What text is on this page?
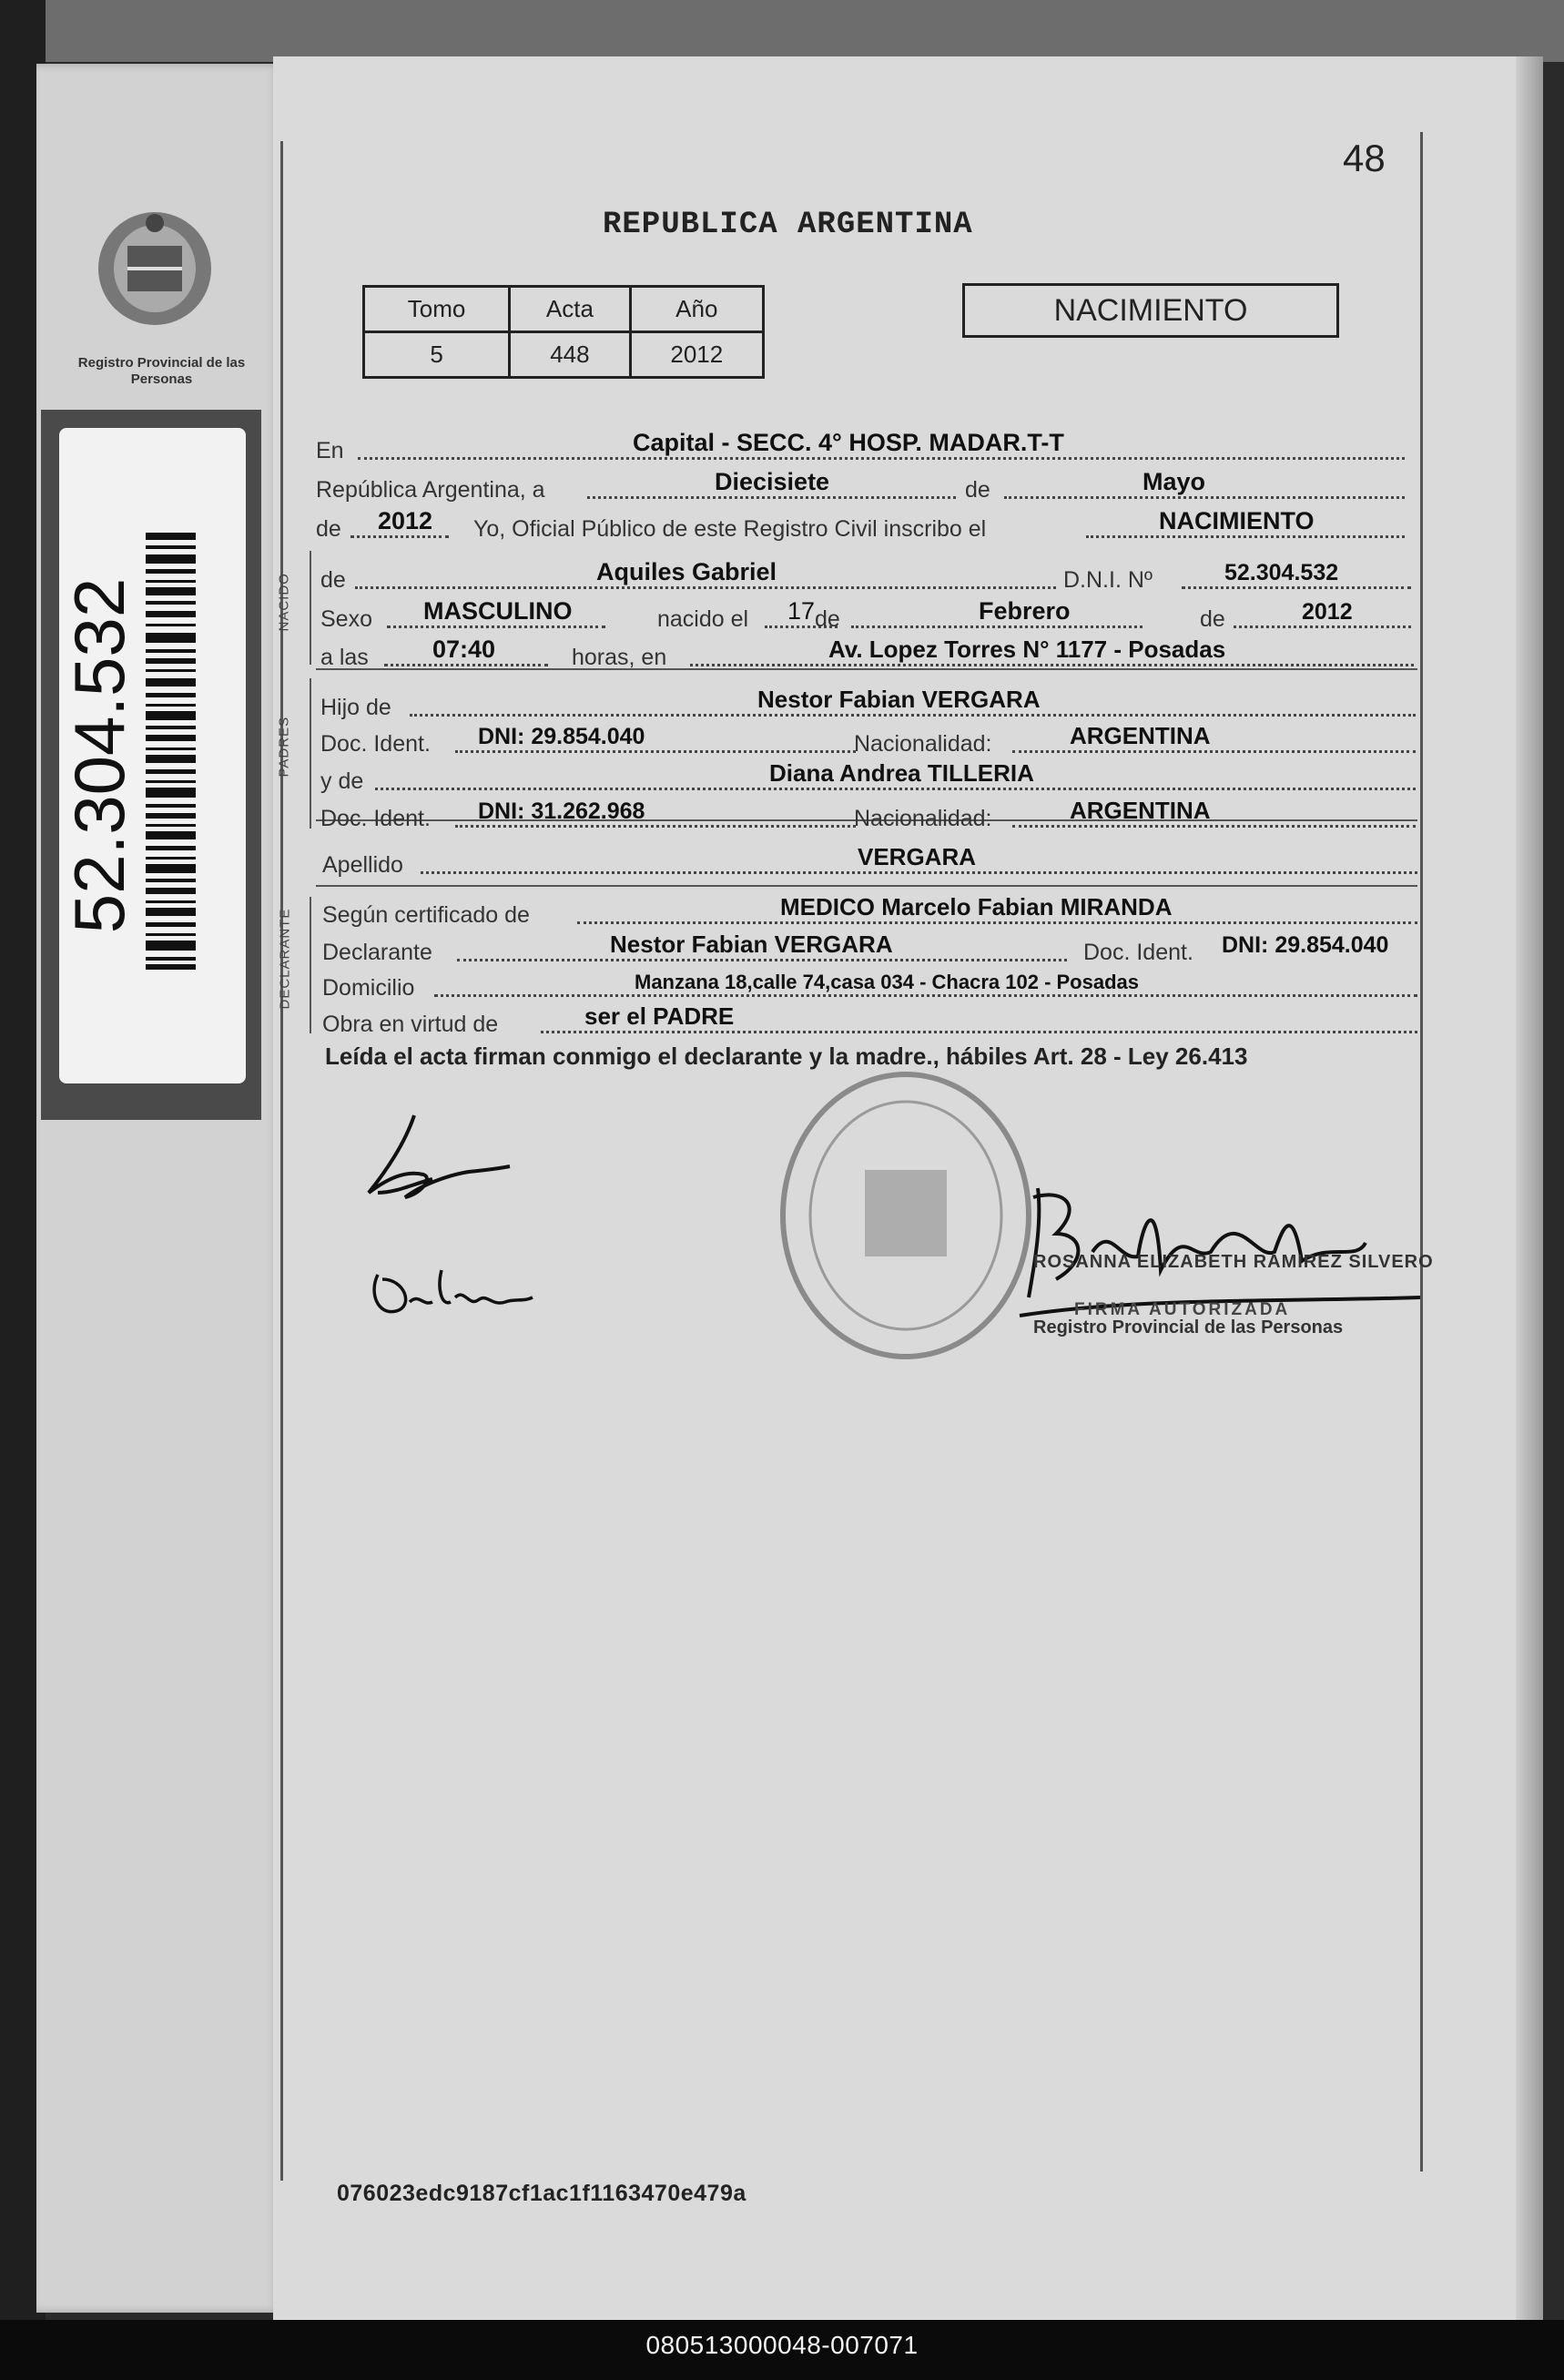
Registro Provincial de las Personas
52.304.532
48
REPUBLICA ARGENTINA
Tomo	Acta	Año
5	448	2012
NACIMIENTO
NACIDO
PADRES
DECLARANTE
En	Capital - SECC. 4° HOSP. MADAR.T-T
República Argentina, a	Diecisiete	de	Mayo
de 2012 Yo, Oficial Público de este Registro Civil inscribo el	NACIMIENTO
de	Aquiles Gabriel	D.N.I. Nº	52.304.532
Sexo MASCULINO	nacido el 17 de	Febrero	de	2012
a las	07:40	horas, en	Av. Lopez Torres N° 1177 - Posadas
Hijo de	Nestor Fabian VERGARA
Doc. Ident. DNI: 29.854.040	Nacionalidad:	ARGENTINA
y de	Diana Andrea TILLERIA
Doc. Ident. DNI: 31.262.968	Nacionalidad:	ARGENTINA
Apellido	VERGARA
Según certificado de	MEDICO Marcelo Fabian MIRANDA
Declarante	Nestor Fabian VERGARA	Doc. Ident. DNI: 29.854.040
Domicilio	Manzana 18,calle 74,casa 034 - Chacra 102 - Posadas
Obra en virtud de	ser el PADRE
Leída el acta firman conmigo el declarante y la madre., hábiles Art. 28 - Ley 26.413
ROSANNA ELIZABETH RAMIREZ SILVERO
FIRMA AUTORIZADA
Registro Provincial de las Personas
076023edc9187cf1ac1f1163470e479a
080513000048-007071
